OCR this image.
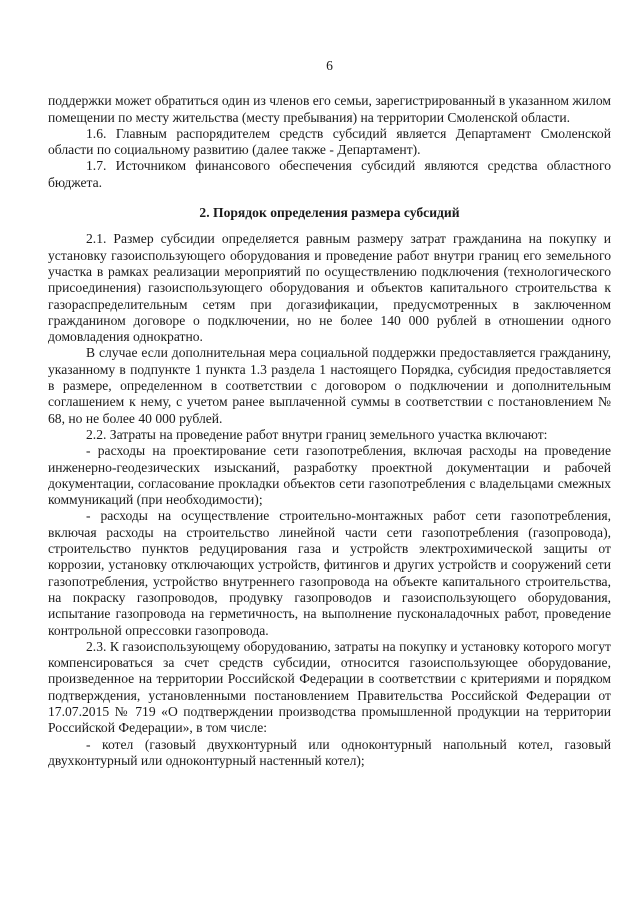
6

поддержки может обратиться один из членов его семьи, зарегистрированный в указанном жилом помещении по месту жительства (месту пребывания) на территории Смоленской области.

1.6. Главным распорядителем средств субсидий является Департамент Смоленской области по социальному развитию (далее также - Департамент).

1.7. Источником финансового обеспечения субсидий являются средства областного бюджета.

2. Порядок определения размера субсидий

2.1. Размер субсидии определяется равным размеру затрат гражданина на покупку и установку газоиспользующего оборудования и проведение работ внутри границ его земельного участка в рамках реализации мероприятий по осуществлению подключения (технологического присоединения) газоиспользующего оборудования и объектов капитального строительства к газораспределительным сетям при догазификации, предусмотренных в заключенном гражданином договоре о подключении, но не более 140 000 рублей в отношении одного домовладения однократно.

В случае если дополнительная мера социальной поддержки предоставляется гражданину, указанному в подпункте 1 пункта 1.3 раздела 1 настоящего Порядка, субсидия предоставляется в размере, определенном в соответствии с договором о подключении и дополнительным соглашением к нему, с учетом ранее выплаченной суммы в соответствии с постановлением № 68, но не более 40 000 рублей.

2.2. Затраты на проведение работ внутри границ земельного участка включают:

- расходы на проектирование сети газопотребления, включая расходы на проведение инженерно-геодезических изысканий, разработку проектной документации и рабочей документации, согласование прокладки объектов сети газопотребления с владельцами смежных коммуникаций (при необходимости);

- расходы на осуществление строительно-монтажных работ сети газопотребления, включая расходы на строительство линейной части сети газопотребления (газопровода), строительство пунктов редуцирования газа и устройств электрохимической защиты от коррозии, установку отключающих устройств, фитингов и других устройств и сооружений сети газопотребления, устройство внутреннего газопровода на объекте капитального строительства, на покраску газопроводов, продувку газопроводов и газоиспользующего оборудования, испытание газопровода на герметичность, на выполнение пусконаладочных работ, проведение контрольной опрессовки газопровода.

2.3. К газоиспользующему оборудованию, затраты на покупку и установку которого могут компенсироваться за счет средств субсидии, относится газоиспользующее оборудование, произведенное на территории Российской Федерации в соответствии с критериями и порядком подтверждения, установленными постановлением Правительства Российской Федерации от 17.07.2015 № 719 «О подтверждении производства промышленной продукции на территории Российской Федерации», в том числе:

- котел (газовый двухконтурный или одноконтурный напольный котел, газовый двухконтурный или одноконтурный настенный котел);
